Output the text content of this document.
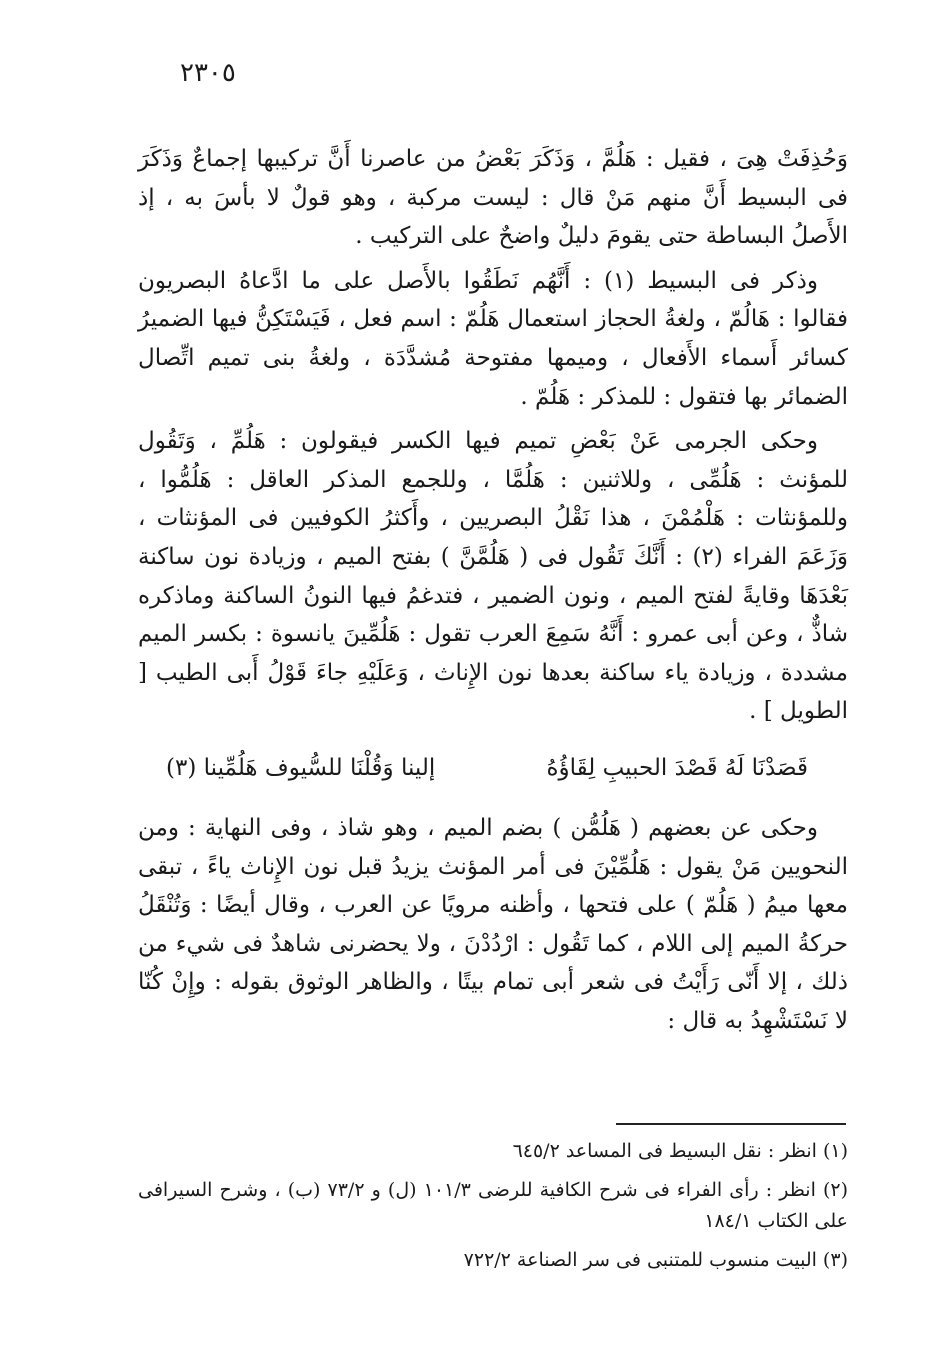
٢٣٠٥

وَحُذِفَتْ هِىَ ، فقيل : هَلُمَّ ، وَذَكَرَ بَعْضُ من عاصرنا أَنَّ تركيبها إجماعٌ وَذَكَرَ فى البسيط أَنَّ منهم مَنْ قال : ليست مركبة ، وهو قولٌ لا بأسَ به ، إذ الأَصلُ البساطة حتى يقومَ دليلٌ واضحٌ على التركيب .

وذكر فى البسيط (١) : أَنَّهُم نَطَقُوا بالأَصل على ما ادَّعاهُ البصريون فقالوا : هَالُمّ ، ولغةُ الحجاز استعمال هَلُمّ : اسم فعل ، فَيَسْتَكِنُّ فيها الضميرُ كسائر أَسماء الأَفعال ، وميمها مفتوحة مُشدَّدَة ، ولغةُ بنى تميم اتِّصال الضمائر بها فتقول : للمذكر : هَلُمّ .

وحكى الجرمى عَنْ بَعْضِ تميم فيها الكسر فيقولون : هَلُمِّ ، وَتَقُول للمؤنث : هَلُمِّى ، وللاثنين : هَلُمَّا ، وللجمع المذكر العاقل : هَلُمُّوا ، وللمؤنثات : هَلْمُمْنَ ، هذا نَقْلُ البصريين ، وأَكثرُ الكوفيين فى المؤنثات ، وَزَعَمَ الفراء (٢) : أَنَّكَ تَقُول فى ( هَلُمَّنَّ ) بفتح الميم ، وزيادة نون ساكنة بَعْدَهَا وقايةً لفتح الميم ، ونون الضمير ، فتدغمُ فيها النونُ الساكنة وماذكره شاذٌّ ، وعن أبى عمرو : أَنَّهُ سَمِعَ العرب تقول : هَلُمِّينَ يانسوة : بكسر الميم مشددة ، وزيادة ياء ساكنة بعدها نون الإِناث ، وَعَلَيْهِ جاءَ قَوْلُ أَبى الطيب [ الطويل ] .

قَصَدْنَا لَهُ قَصْدَ الحبيبِ لِقَاؤُهُ
إلينا وَقُلْنَا للسُّيوف هَلُمِّينا (٣)

وحكى عن بعضهم ( هَلُمُّن ) بضم الميم ، وهو شاذ ، وفى النهاية : ومن النحويين مَنْ يقول : هَلُمِّيْنَ فى أمر المؤنث يزيدُ قبل نون الإِناث ياءً ، تبقى معها ميمُ ( هَلُمّ ) على فتحها ، وأظنه مرويًا عن العرب ، وقال أيضًا : وَتُنْقَلُ حركةُ الميم إلى اللام ، كما تَقُول : ارْدُدْنَ ، ولا يحضرنى شاهدٌ فى شيء من ذلك ، إلا أَنّى رَأَيْتُ فى شعر أبى تمام بيتًا ، والظاهر الوثوق بقوله : وإِنْ كُنّا لا نَسْتَشْهِدُ به قال :

(١) انظر : نقل البسيط فى المساعد ٦٤٥/٢

(٢) انظر : رأى الفراء فى شرح الكافية للرضى ١٠١/٣ (ل) و ٧٣/٢ (ب) ، وشرح السيرافى على الكتاب ١٨٤/١

(٣) البيت منسوب للمتنبى فى سر الصناعة ٧٢٢/٢
